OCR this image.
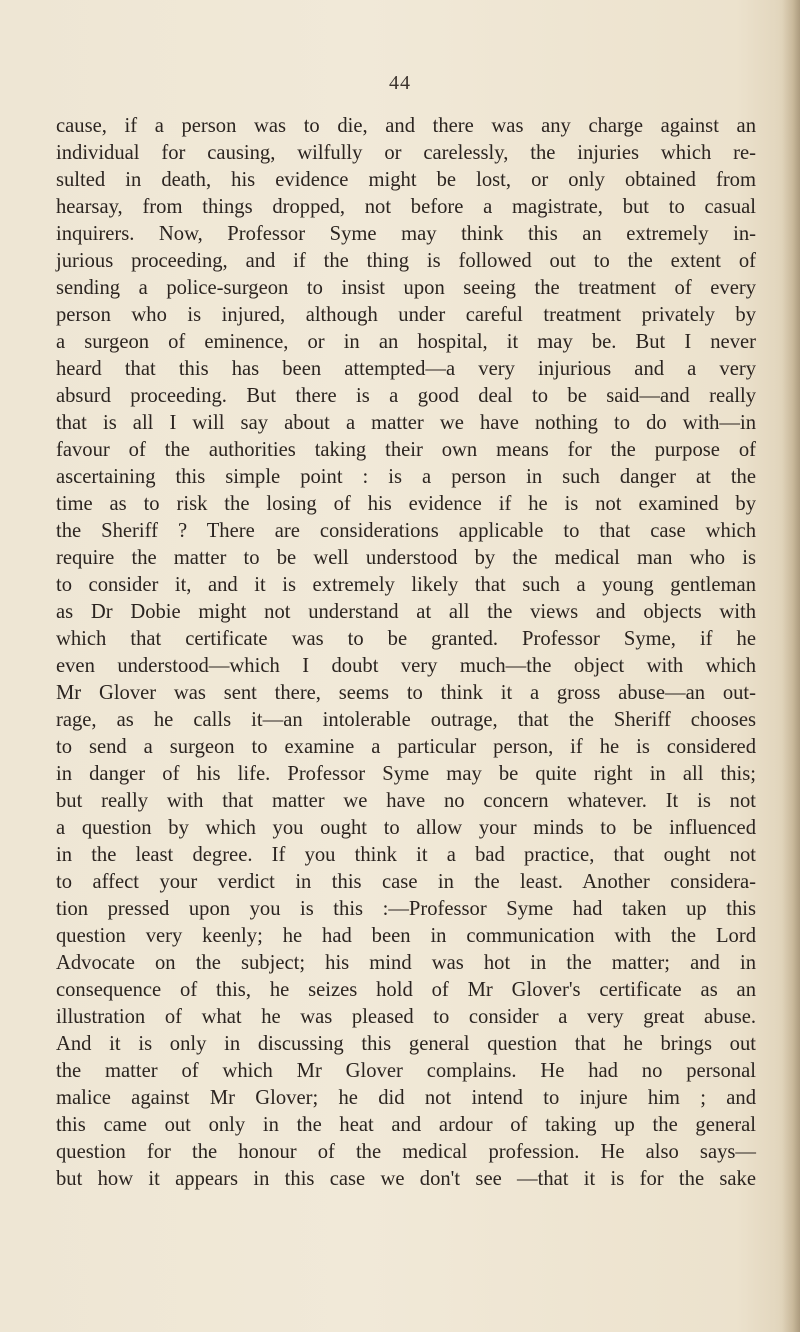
44
cause, if a person was to die, and there was any charge against an
individual for causing, wilfully or carelessly, the injuries which re-
sulted in death, his evidence might be lost, or only obtained from
hearsay, from things dropped, not before a magistrate, but to casual
inquirers. Now, Professor Syme may think this an extremely in-
jurious proceeding, and if the thing is followed out to the extent of
sending a police-surgeon to insist upon seeing the treatment of every
person who is injured, although under careful treatment privately by
a surgeon of eminence, or in an hospital, it may be. But I never
heard that this has been attempted—a very injurious and a very
absurd proceeding. But there is a good deal to be said—and really
that is all I will say about a matter we have nothing to do with—in
favour of the authorities taking their own means for the purpose of
ascertaining this simple point : is a person in such danger at the
time as to risk the losing of his evidence if he is not examined by
the Sheriff ? There are considerations applicable to that case which
require the matter to be well understood by the medical man who is
to consider it, and it is extremely likely that such a young gentleman
as Dr Dobie might not understand at all the views and objects with
which that certificate was to be granted. Professor Syme, if he
even understood—which I doubt very much—the object with which
Mr Glover was sent there, seems to think it a gross abuse—an out-
rage, as he calls it—an intolerable outrage, that the Sheriff chooses
to send a surgeon to examine a particular person, if he is considered
in danger of his life. Professor Syme may be quite right in all this;
but really with that matter we have no concern whatever. It is not
a question by which you ought to allow your minds to be influenced
in the least degree. If you think it a bad practice, that ought not
to affect your verdict in this case in the least. Another considera-
tion pressed upon you is this :—Professor Syme had taken up this
question very keenly; he had been in communication with the Lord
Advocate on the subject; his mind was hot in the matter; and in
consequence of this, he seizes hold of Mr Glover's certificate as an
illustration of what he was pleased to consider a very great abuse.
And it is only in discussing this general question that he brings out
the matter of which Mr Glover complains. He had no personal
malice against Mr Glover; he did not intend to injure him ; and
this came out only in the heat and ardour of taking up the general
question for the honour of the medical profession. He also says—
but how it appears in this case we don't see —that it is for the sake
